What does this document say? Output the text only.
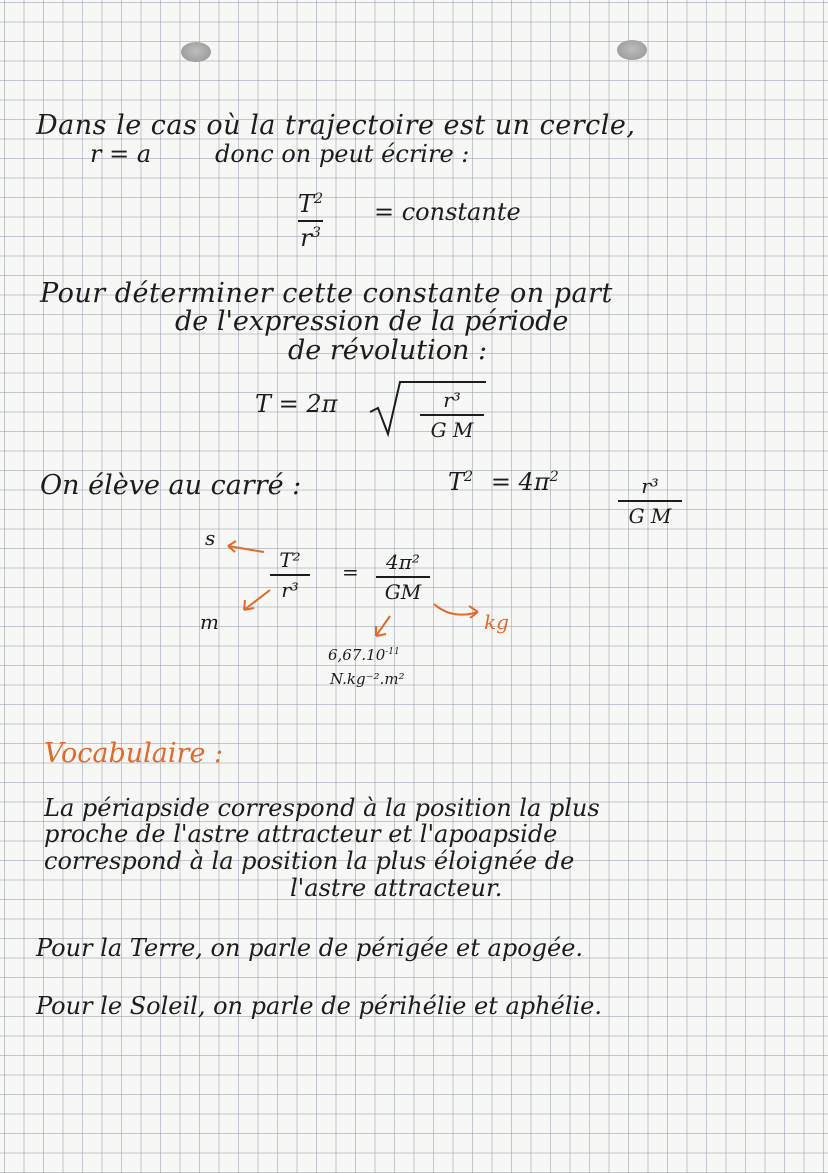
Dans le cas où la trajectoire est un cercle,
r = a	donc on peut écrire :
$T^2$
$r^3$
= constante
Pour déterminer cette constante on part
de l'expression de la période
de révolution :
T = 2π	r³
G M
On élève au carré :	$T^2 = 4\pi^2$	r³
G M
s
m
T²
r³
= 4π²
GM
kg
$6,67.10^{-11}$
N.kg⁻².m²
Vocabulaire :
La périapside correspond à la position la plus
proche de l'astre attracteur et l'apoapside
correspond à la position la plus éloignée de
l'astre attracteur.
Pour la Terre, on parle de périgée et apogée.
Pour le Soleil, on parle de périhélie et aphélie.
